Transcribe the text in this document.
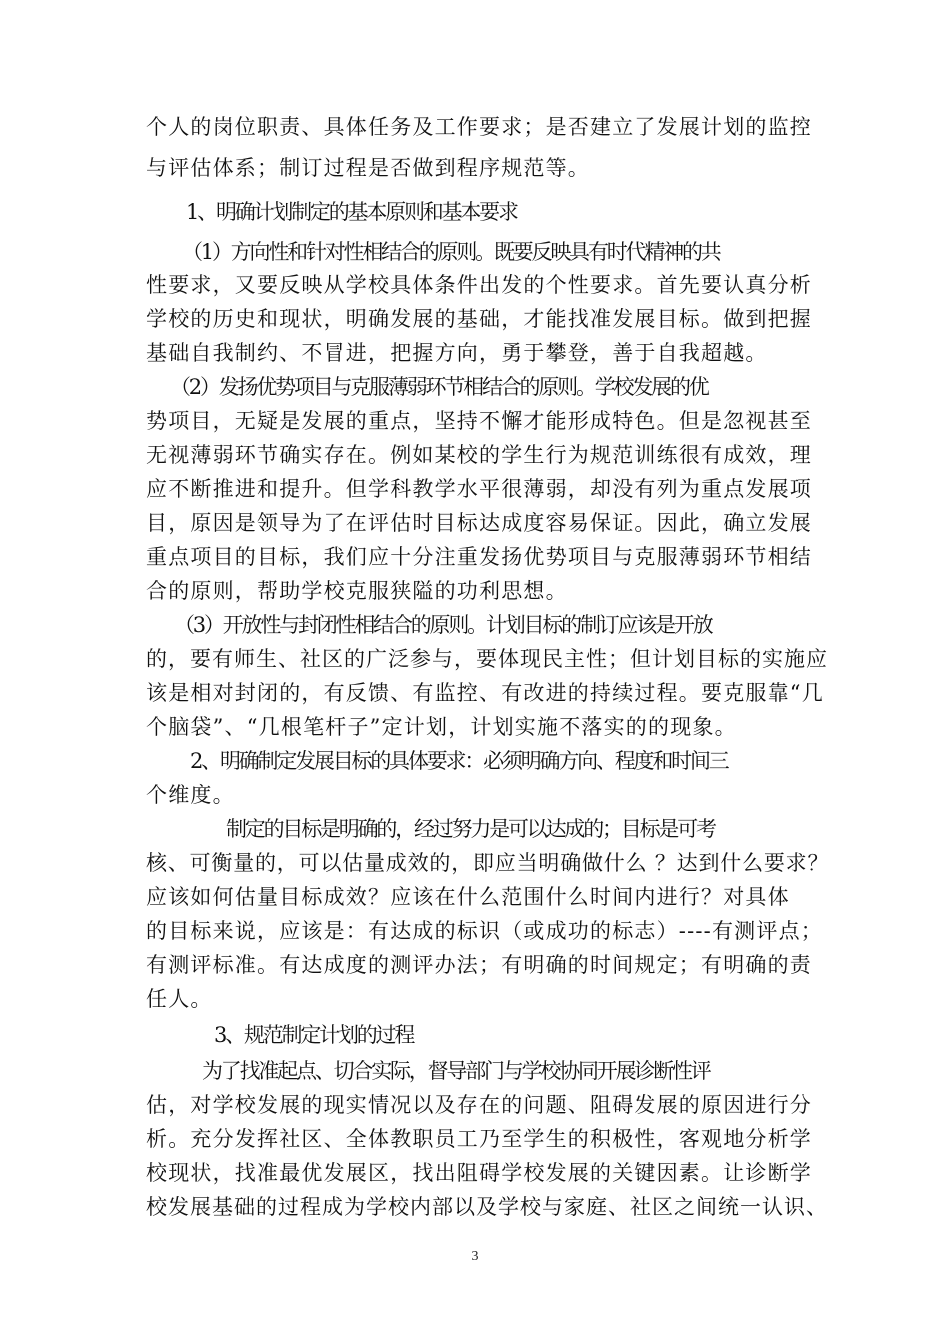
个人的岗位职责、具体任务及工作要求；是否建立了发展计划的监控
与评估体系；制订过程是否做到程序规范等。
1、明确计划制定的基本原则和基本要求
（1）方向性和针对性相结合的原则。既要反映具有时代精神的共
性要求，又要反映从学校具体条件出发的个性要求。首先要认真分析
学校的历史和现状，明确发展的基础，才能找准发展目标。做到把握
基础自我制约、不冒进，把握方向，勇于攀登，善于自我超越。
（2）发扬优势项目与克服薄弱环节相结合的原则。学校发展的优
势项目，无疑是发展的重点，坚持不懈才能形成特色。但是忽视甚至
无视薄弱环节确实存在。例如某校的学生行为规范训练很有成效，理
应不断推进和提升。但学科教学水平很薄弱，却没有列为重点发展项
目，原因是领导为了在评估时目标达成度容易保证。因此，确立发展
重点项目的目标，我们应十分注重发扬优势项目与克服薄弱环节相结
合的原则，帮助学校克服狭隘的功利思想。
（3）开放性与封闭性相结合的原则。计划目标的制订应该是开放
的，要有师生、社区的广泛参与，要体现民主性；但计划目标的实施应
该是相对封闭的，有反馈、有监控、有改进的持续过程。要克服靠“几
个脑袋”、“几根笔杆子”定计划，计划实施不落实的的现象。
2、明确制定发展目标的具体要求：必须明确方向、程度和时间三
个维度。
制定的目标是明确的，经过努力是可以达成的；目标是可考
核、可衡量的，可以估量成效的，即应当明确做什么 ？达到什么要求？
应该如何估量目标成效？应该在什么范围什么时间内进行？对具体
的目标来说，应该是：有达成的标识（或成功的标志）----有测评点；
有测评标准。有达成度的测评办法；有明确的时间规定；有明确的责
任人。
3、规范制定计划的过程
为了找准起点、切合实际，督导部门与学校协同开展诊断性评
估，对学校发展的现实情况以及存在的问题、阻碍发展的原因进行分
析。充分发挥社区、全体教职员工乃至学生的积极性，客观地分析学
校现状，找准最优发展区，找出阻碍学校发展的关键因素。让诊断学
校发展基础的过程成为学校内部以及学校与家庭、社区之间统一认识、
3
